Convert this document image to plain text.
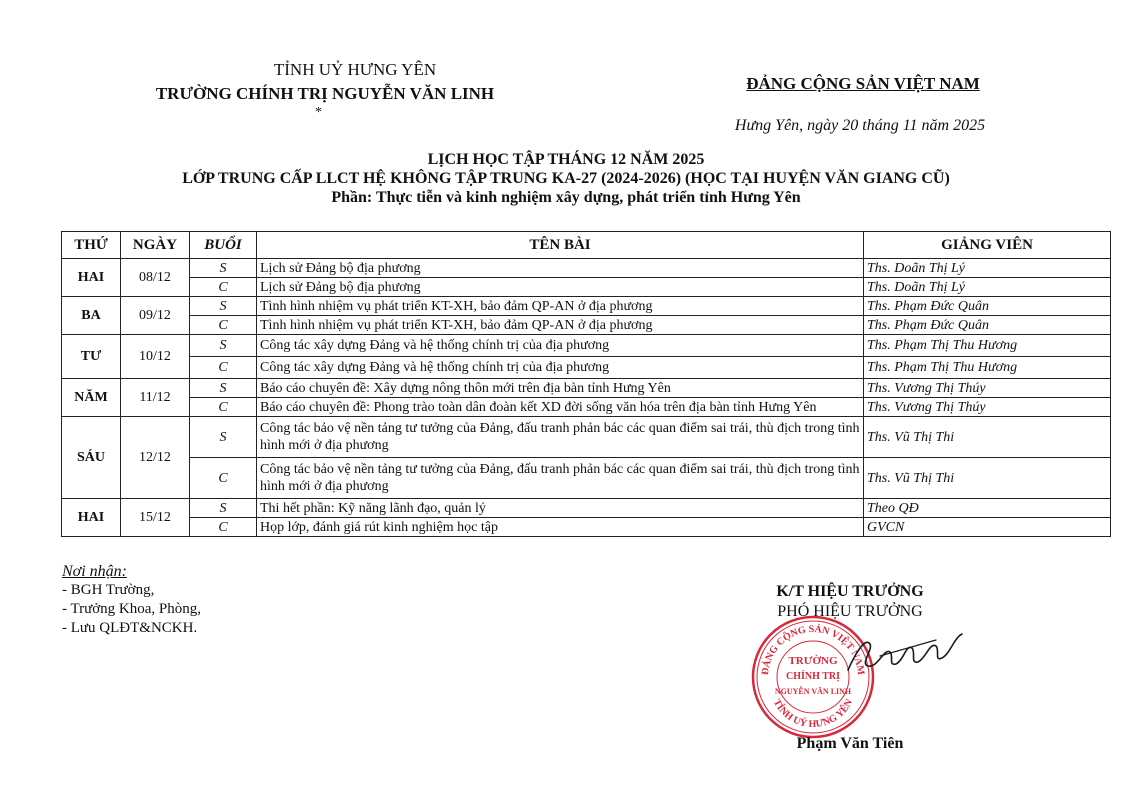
TỈNH UỶ HƯNG YÊN
TRƯỜNG CHÍNH TRỊ NGUYỄN VĂN LINH
*
ĐẢNG CỘNG SẢN VIỆT NAM
Hưng Yên, ngày 20 tháng 11 năm 2025
LỊCH HỌC TẬP THÁNG 12 NĂM 2025
LỚP TRUNG CẤP LLCT HỆ KHÔNG TẬP TRUNG KA-27 (2024-2026) (HỌC TẠI HUYỆN VĂN GIANG CŨ)
Phần: Thực tiễn và kinh nghiệm xây dựng, phát triển tỉnh Hưng Yên
THỨ	NGÀY	BUỔI	TÊN BÀI	GIẢNG VIÊN
HAI	08/12	S	Lịch sử Đảng bộ địa phương	Ths. Doãn Thị Lý
		C	Lịch sử Đảng bộ địa phương	Ths. Doãn Thị Lý
BA	09/12	S	Tình hình nhiệm vụ phát triển KT-XH, bảo đảm QP-AN ở địa phương	Ths. Phạm Đức Quân
		C	Tình hình nhiệm vụ phát triển KT-XH, bảo đảm QP-AN ở địa phương	Ths. Phạm Đức Quân
TƯ	10/12	S	Công tác xây dựng Đảng và hệ thống chính trị của địa phương	Ths. Phạm Thị Thu Hương
		C	Công tác xây dựng Đảng và hệ thống chính trị của địa phương	Ths. Phạm Thị Thu Hương
NĂM	11/12	S	Báo cáo chuyên đề: Xây dựng nông thôn mới trên địa bàn tỉnh Hưng Yên	Ths. Vương Thị Thúy
		C	Báo cáo chuyên đề: Phong trào toàn dân đoàn kết XD đời sống văn hóa trên địa bàn tỉnh Hưng Yên	Ths. Vương Thị Thúy
SÁU	12/12	S	Công tác bảo vệ nền tảng tư tưởng của Đảng, đấu tranh phản bác các quan điểm sai trái, thù địch trong tình hình mới ở địa phương	Ths. Vũ Thị Thi
		C	Công tác bảo vệ nền tảng tư tưởng của Đảng, đấu tranh phản bác các quan điểm sai trái, thù địch trong tình hình mới ở địa phương	Ths. Vũ Thị Thi
HAI	15/12	S	Thi hết phần: Kỹ năng lãnh đạo, quản lý	Theo QĐ
		C	Họp lớp, đánh giá rút kinh nghiệm học tập	GVCN
Nơi nhận:
- BGH Trường,
- Trưởng Khoa, Phòng,
- Lưu QLĐT&NCKH.
K/T HIỆU TRƯỞNG
PHÓ HIỆU TRƯỞNG
ĐẢNG CỘNG SẢN VIỆT NAM
TỈNH UỶ HƯNG YÊN
TRƯỜNG
CHÍNH TRỊ
NGUYỄN VĂN LINH
Phạm Văn Tiên
